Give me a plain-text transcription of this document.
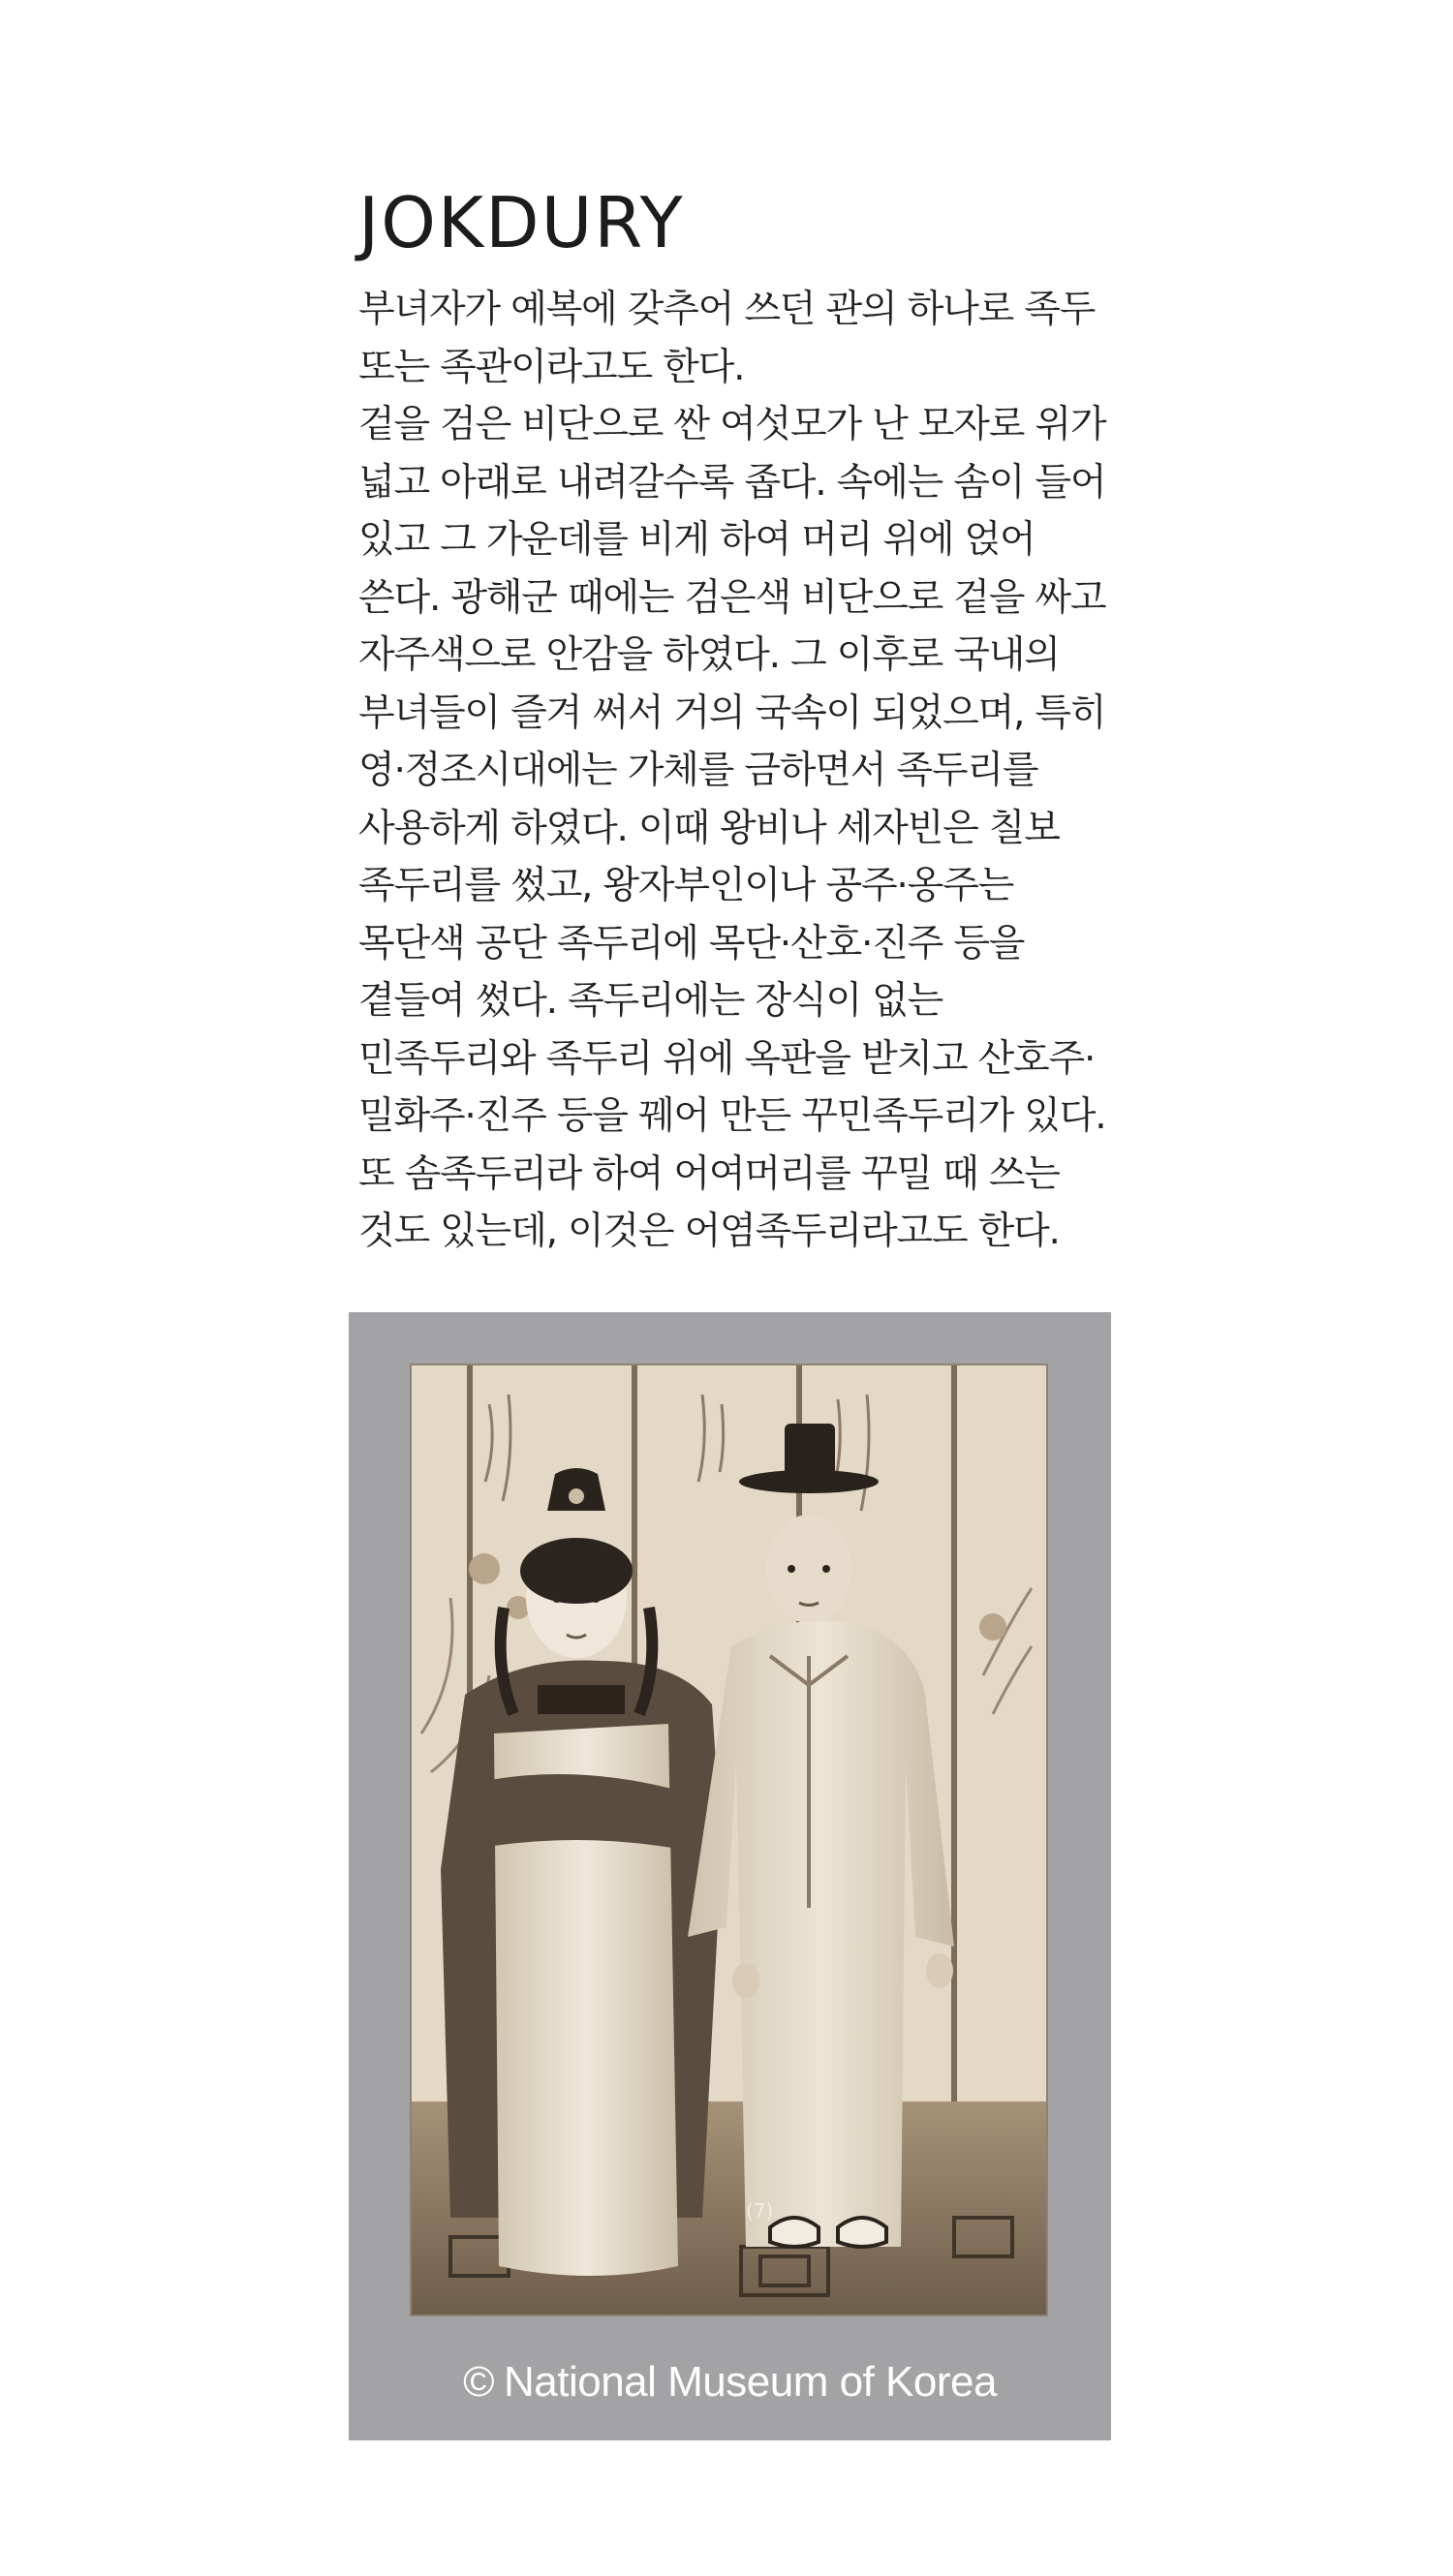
JOKDURY
부녀자가 예복에 갖추어 쓰던 관의 하나로 족두
또는 족관이라고도 한다.
겉을 검은 비단으로 싼 여섯모가 난 모자로 위가
넓고 아래로 내려갈수록 좁다. 속에는 솜이 들어
있고 그 가운데를 비게 하여 머리 위에 얹어
쓴다. 광해군 때에는 검은색 비단으로 겉을 싸고
자주색으로 안감을 하였다. 그 이후로 국내의
부녀들이 즐겨 써서 거의 국속이 되었으며, 특히
영·정조시대에는 가체를 금하면서 족두리를
사용하게 하였다. 이때 왕비나 세자빈은 칠보
족두리를 썼고, 왕자부인이나 공주·옹주는
목단색 공단 족두리에 목단·산호·진주 등을
곁들여 썼다. 족두리에는 장식이 없는
민족두리와 족두리 위에 옥판을 받치고 산호주·
밀화주·진주 등을 꿰어 만든 꾸민족두리가 있다.
또 솜족두리라 하여 어여머리를 꾸밀 때 쓰는
것도 있는데, 이것은 어염족두리라고도 한다.
(7)
© National Museum of Korea
